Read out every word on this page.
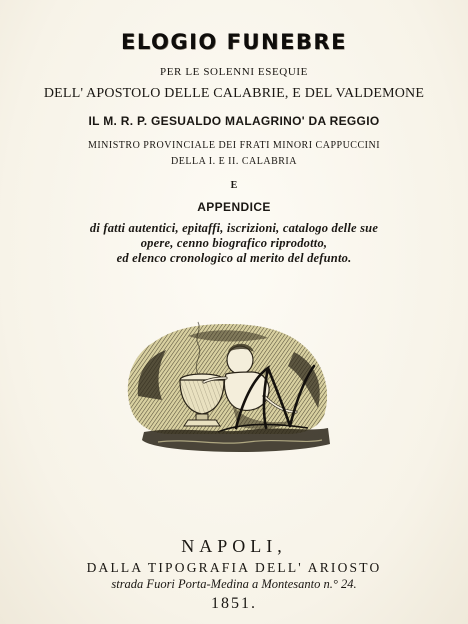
ELOGIO FUNEBRE
PER LE SOLENNI ESEQUIE
DELL' APOSTOLO DELLE CALABRIE, E DEL VALDEMONE
IL M. R. P. GESUALDO MALAGRINO' DA REGGIO
MINISTRO PROVINCIALE DEI FRATI MINORI CAPPUCCINI
DELLA I. E II. CALABRIA
E
APPENDICE
di fatti autentici, epitaffi, iscrizioni, catalogo delle sue
opere, cenno biografico riprodotto,
ed elenco cronologico al merito del defunto.
NAPOLI,
DALLA TIPOGRAFIA DELL' ARIOSTO
strada Fuori Porta-Medina a Montesanto n.° 24.
1851.
